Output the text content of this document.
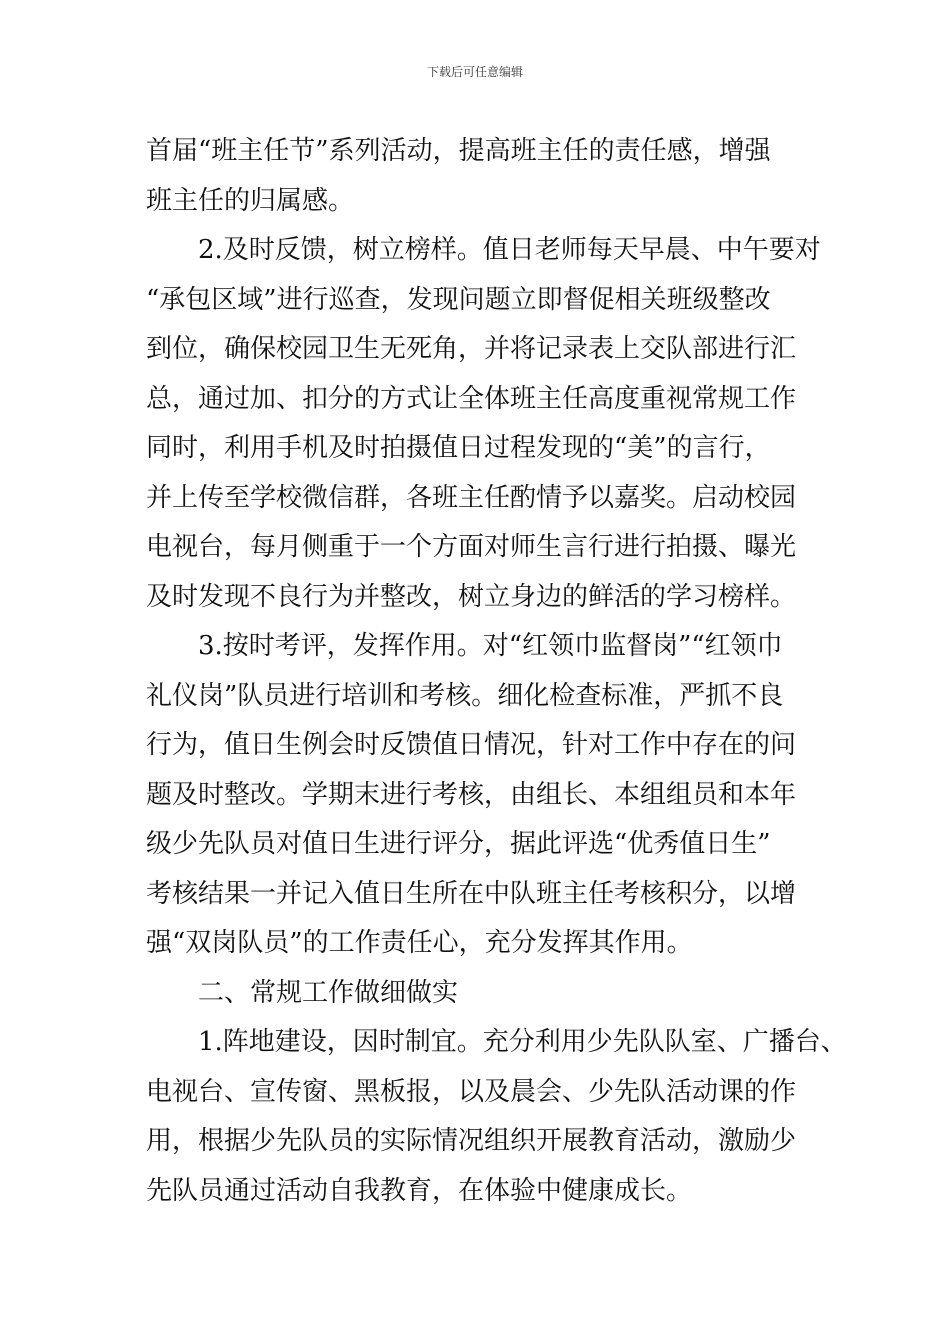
下载后可任意编辑
首届“班主任节”系列活动，提高班主任的责任感，增强
班主任的归属感。
2.及时反馈，树立榜样。值日老师每天早晨、中午要对
“承包区域”进行巡查，发现问题立即督促相关班级整改
到位，确保校园卫生无死角，并将记录表上交队部进行汇
总，通过加、扣分的方式让全体班主任高度重视常规工作
同时，利用手机及时拍摄值日过程发现的“美”的言行，
并上传至学校微信群，各班主任酌情予以嘉奖。启动校园
电视台，每月侧重于一个方面对师生言行进行拍摄、曝光
及时发现不良行为并整改，树立身边的鲜活的学习榜样。
3.按时考评，发挥作用。对“红领巾监督岗”“红领巾
礼仪岗”队员进行培训和考核。细化检查标准，严抓不良
行为，值日生例会时反馈值日情况，针对工作中存在的问
题及时整改。学期末进行考核，由组长、本组组员和本年
级少先队员对值日生进行评分，据此评选“优秀值日生”
考核结果一并记入值日生所在中队班主任考核积分，以增
强“双岗队员”的工作责任心，充分发挥其作用。
二、常规工作做细做实
1.阵地建设，因时制宜。充分利用少先队队室、广播台、
电视台、宣传窗、黑板报，以及晨会、少先队活动课的作
用，根据少先队员的实际情况组织开展教育活动，激励少
先队员通过活动自我教育，在体验中健康成长。
